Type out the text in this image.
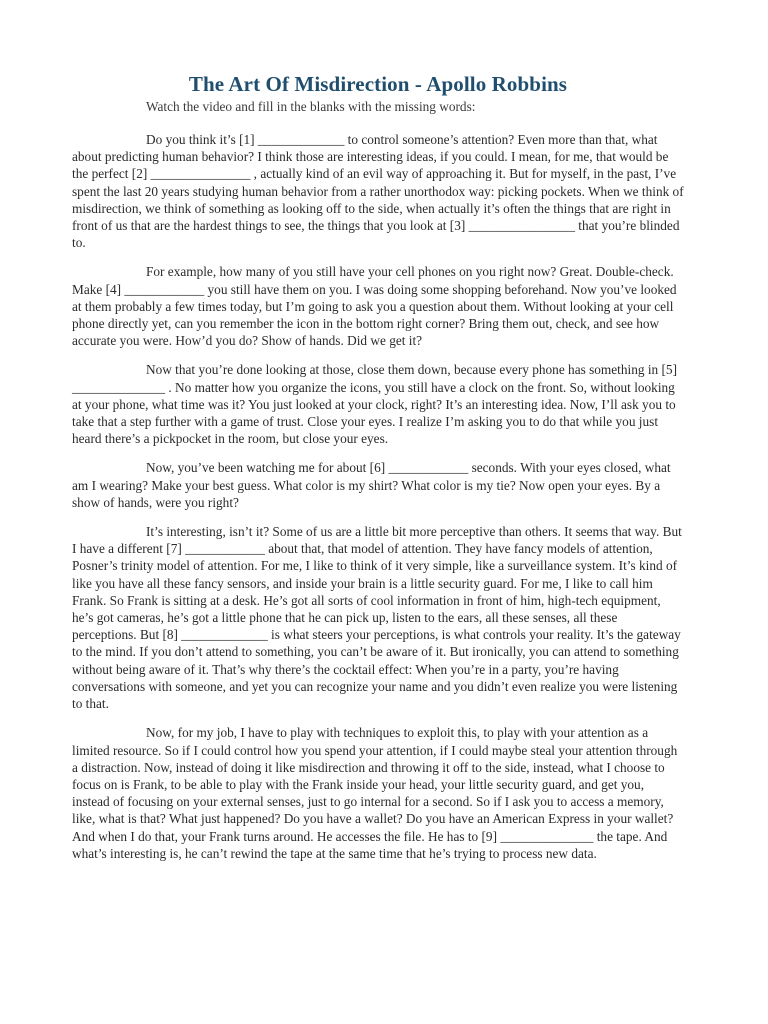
The Art Of Misdirection - Apollo Robbins

Watch the video and fill in the blanks with the missing words:

Do you think it’s [1] _____________ to control someone’s attention? Even more than that, what about predicting human behavior? I think those are interesting ideas, if you could. I mean, for me, that would be the perfect [2] _______________ , actually kind of an evil way of approaching it. But for myself, in the past, I’ve spent the last 20 years studying human behavior from a rather unorthodox way: picking pockets. When we think of misdirection, we think of something as looking off to the side, when actually it’s often the things that are right in front of us that are the hardest things to see, the things that you look at [3] ________________ that you’re blinded to.

For example, how many of you still have your cell phones on you right now? Great. Double-check. Make [4] ____________ you still have them on you. I was doing some shopping beforehand. Now you’ve looked at them probably a few times today, but I’m going to ask you a question about them. Without looking at your cell phone directly yet, can you remember the icon in the bottom right corner? Bring them out, check, and see how accurate you were. How’d you do? Show of hands. Did we get it?

Now that you’re done looking at those, close them down, because every phone has something in [5] ______________ . No matter how you organize the icons, you still have a clock on the front. So, without looking at your phone, what time was it? You just looked at your clock, right? It’s an interesting idea. Now, I’ll ask you to take that a step further with a game of trust. Close your eyes. I realize I’m asking you to do that while you just heard there’s a pickpocket in the room, but close your eyes.

Now, you’ve been watching me for about [6] ____________ seconds. With your eyes closed, what am I wearing? Make your best guess. What color is my shirt? What color is my tie? Now open your eyes. By a show of hands, were you right?

It’s interesting, isn’t it? Some of us are a little bit more perceptive than others. It seems that way. But I have a different [7] ____________ about that, that model of attention. They have fancy models of attention, Posner’s trinity model of attention. For me, I like to think of it very simple, like a surveillance system. It’s kind of like you have all these fancy sensors, and inside your brain is a little security guard. For me, I like to call him Frank. So Frank is sitting at a desk. He’s got all sorts of cool information in front of him, high-tech equipment, he’s got cameras, he’s got a little phone that he can pick up, listen to the ears, all these senses, all these perceptions. But [8] _____________ is what steers your perceptions, is what controls your reality. It’s the gateway to the mind. If you don’t attend to something, you can’t be aware of it. But ironically, you can attend to something without being aware of it. That’s why there’s the cocktail effect: When you’re in a party, you’re having conversations with someone, and yet you can recognize your name and you didn’t even realize you were listening to that.

Now, for my job, I have to play with techniques to exploit this, to play with your attention as a limited resource. So if I could control how you spend your attention, if I could maybe steal your attention through a distraction. Now, instead of doing it like misdirection and throwing it off to the side, instead, what I choose to focus on is Frank, to be able to play with the Frank inside your head, your little security guard, and get you, instead of focusing on your external senses, just to go internal for a second. So if I ask you to access a memory, like, what is that? What just happened? Do you have a wallet? Do you have an American Express in your wallet? And when I do that, your Frank turns around. He accesses the file. He has to [9] ______________ the tape. And what’s interesting is, he can’t rewind the tape at the same time that he’s trying to process new data.
